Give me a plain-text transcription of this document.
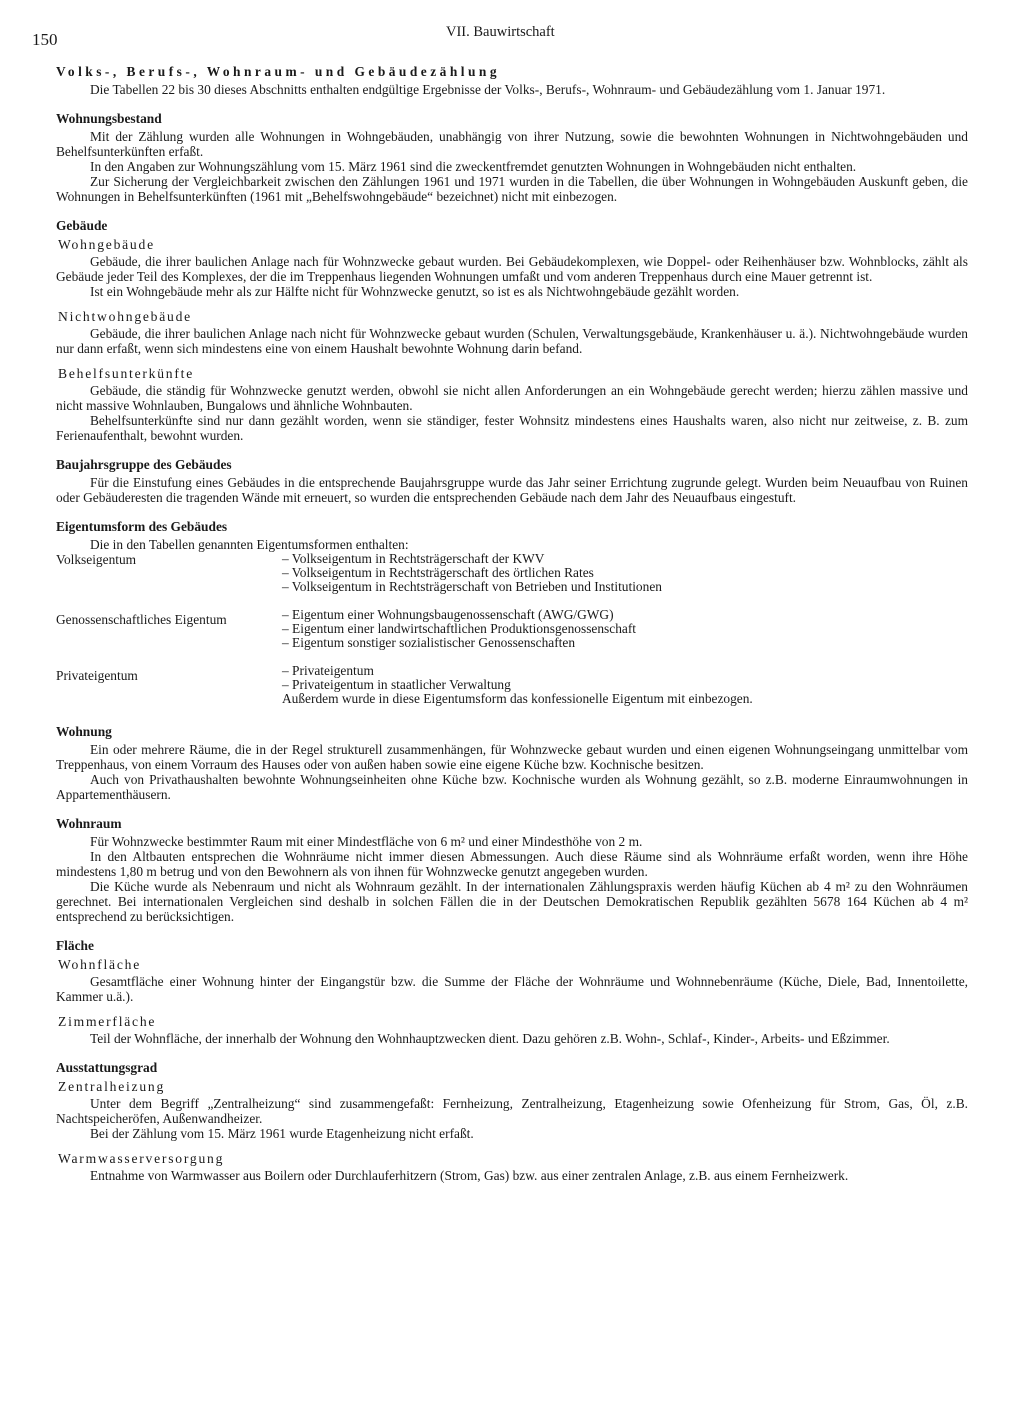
150	VII. Bauwirtschaft
Volks-, Berufs-, Wohnraum- und Gebäudezählung

Die Tabellen 22 bis 30 dieses Abschnitts enthalten endgültige Ergebnisse der Volks-, Berufs-, Wohnraum- und Gebäudezählung vom 1. Januar 1971.

Wohnungsbestand

Mit der Zählung wurden alle Wohnungen in Wohngebäuden, unabhängig von ihrer Nutzung, sowie die bewohnten Wohnungen in Nichtwohngebäuden und Behelfsunterkünften erfaßt.

In den Angaben zur Wohnungszählung vom 15. März 1961 sind die zweckentfremdet genutzten Wohnungen in Wohngebäuden nicht enthalten.

Zur Sicherung der Vergleichbarkeit zwischen den Zählungen 1961 und 1971 wurden in die Tabellen, die über Wohnungen in Wohngebäuden Auskunft geben, die Wohnungen in Behelfsunterkünften (1961 mit „Behelfswohngebäude“ bezeichnet) nicht mit einbezogen.

Gebäude
Wohngebäude

Gebäude, die ihrer baulichen Anlage nach für Wohnzwecke gebaut wurden. Bei Gebäudekomplexen, wie Doppel- oder Reihenhäuser bzw. Wohnblocks, zählt als Gebäude jeder Teil des Komplexes, der die im Treppenhaus liegenden Wohnungen umfaßt und vom anderen Treppenhaus durch eine Mauer getrennt ist.

Ist ein Wohngebäude mehr als zur Hälfte nicht für Wohnzwecke genutzt, so ist es als Nichtwohngebäude gezählt worden.

Nichtwohngebäude

Gebäude, die ihrer baulichen Anlage nach nicht für Wohnzwecke gebaut wurden (Schulen, Verwaltungsgebäude, Krankenhäuser u. ä.). Nichtwohngebäude wurden nur dann erfaßt, wenn sich mindestens eine von einem Haushalt bewohnte Wohnung darin befand.

Behelfsunterkünfte

Gebäude, die ständig für Wohnzwecke genutzt werden, obwohl sie nicht allen Anforderungen an ein Wohngebäude gerecht werden; hierzu zählen massive und nicht massive Wohnlauben, Bungalows und ähnliche Wohnbauten.

Behelfsunterkünfte sind nur dann gezählt worden, wenn sie ständiger, fester Wohnsitz mindestens eines Haushalts waren, also nicht nur zeitweise, z. B. zum Ferienaufenthalt, bewohnt wurden.

Baujahrsgruppe des Gebäudes

Für die Einstufung eines Gebäudes in die entsprechende Baujahrsgruppe wurde das Jahr seiner Errichtung zugrunde gelegt. Wurden beim Neuaufbau von Ruinen oder Gebäuderesten die tragenden Wände mit erneuert, so wurden die entsprechenden Gebäude nach dem Jahr des Neuaufbaus eingestuft.

Eigentumsform des Gebäudes

Die in den Tabellen genannten Eigentumsformen enthalten:

Volkseigentum	– Volkseigentum in Rechtsträgerschaft der KWV
– Volkseigentum in Rechtsträgerschaft des örtlichen Rates
– Volkseigentum in Rechtsträgerschaft von Betrieben und Institutionen
Genossenschaftliches Eigentum	– Eigentum einer Wohnungsbaugenossenschaft (AWG/GWG)
– Eigentum einer landwirtschaftlichen Produktionsgenossenschaft
– Eigentum sonstiger sozialistischer Genossenschaften
Privateigentum	– Privateigentum
– Privateigentum in staatlicher Verwaltung
Außerdem wurde in diese Eigentumsform das konfessionelle Eigentum mit einbezogen.
Wohnung

Ein oder mehrere Räume, die in der Regel strukturell zusammenhängen, für Wohnzwecke gebaut wurden und einen eigenen Wohnungseingang unmittelbar vom Treppenhaus, von einem Vorraum des Hauses oder von außen haben sowie eine eigene Küche bzw. Kochnische besitzen.

Auch von Privathaushalten bewohnte Wohnungseinheiten ohne Küche bzw. Kochnische wurden als Wohnung gezählt, so z.B. moderne Einraumwohnungen in Appartementhäusern.

Wohnraum

Für Wohnzwecke bestimmter Raum mit einer Mindestfläche von 6 m² und einer Mindesthöhe von 2 m.

In den Altbauten entsprechen die Wohnräume nicht immer diesen Abmessungen. Auch diese Räume sind als Wohnräume erfaßt worden, wenn ihre Höhe mindestens 1,80 m betrug und von den Bewohnern als von ihnen für Wohnzwecke genutzt angegeben wurden.

Die Küche wurde als Nebenraum und nicht als Wohnraum gezählt. In der internationalen Zählungspraxis werden häufig Küchen ab 4 m² zu den Wohnräumen gerechnet. Bei internationalen Vergleichen sind deshalb in solchen Fällen die in der Deutschen Demokratischen Republik gezählten 5678 164 Küchen ab 4 m² entsprechend zu berücksichtigen.

Fläche
Wohnfläche

Gesamtfläche einer Wohnung hinter der Eingangstür bzw. die Summe der Fläche der Wohnräume und Wohnnebenräume (Küche, Diele, Bad, Innentoilette, Kammer u.ä.).

Zimmerfläche

Teil der Wohnfläche, der innerhalb der Wohnung den Wohnhauptzwecken dient. Dazu gehören z.B. Wohn-, Schlaf-, Kinder-, Arbeits- und Eßzimmer.

Ausstattungsgrad
Zentralheizung

Unter dem Begriff „Zentralheizung“ sind zusammengefaßt: Fernheizung, Zentralheizung, Etagenheizung sowie Ofenheizung für Strom, Gas, Öl, z.B. Nachtspeicheröfen, Außenwandheizer.

Bei der Zählung vom 15. März 1961 wurde Etagenheizung nicht erfaßt.

Warmwasserversorgung

Entnahme von Warmwasser aus Boilern oder Durchlauferhitzern (Strom, Gas) bzw. aus einer zentralen Anlage, z.B. aus einem Fernheizwerk.
